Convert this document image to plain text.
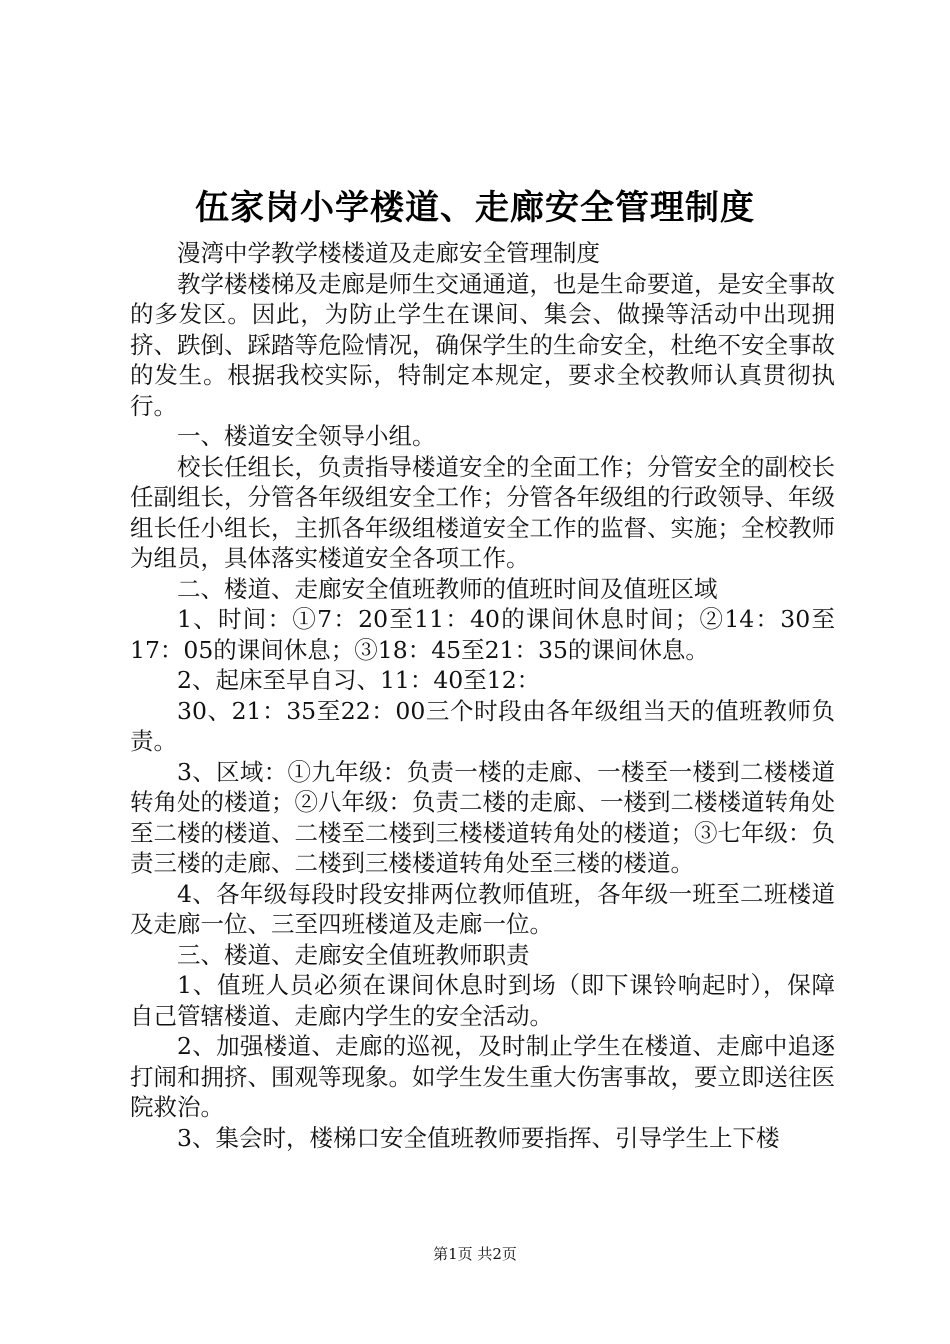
伍家岗小学楼道、走廊安全管理制度

漫湾中学教学楼楼道及走廊安全管理制度

教学楼楼梯及走廊是师生交通通道，也是生命要道，是安全事故的多发区。因此，为防止学生在课间、集会、做操等活动中出现拥挤、跌倒、踩踏等危险情况，确保学生的生命安全，杜绝不安全事故的发生。根据我校实际，特制定本规定，要求全校教师认真贯彻执行。

一、楼道安全领导小组。

校长任组长，负责指导楼道安全的全面工作；分管安全的副校长任副组长，分管各年级组安全工作；分管各年级组的行政领导、年级组长任小组长，主抓各年级组楼道安全工作的监督、实施；全校教师为组员，具体落实楼道安全各项工作。

二、楼道、走廊安全值班教师的值班时间及值班区域

1、时间：①7：20至11：40的课间休息时间；②14：30至17：05的课间休息；③18：45至21：35的课间休息。

2、起床至早自习、11：40至12：

30、21：35至22：00三个时段由各年级组当天的值班教师负责。

3、区域：①九年级：负责一楼的走廊、一楼至一楼到二楼楼道转角处的楼道；②八年级：负责二楼的走廊、一楼到二楼楼道转角处至二楼的楼道、二楼至二楼到三楼楼道转角处的楼道；③七年级：负责三楼的走廊、二楼到三楼楼道转角处至三楼的楼道。

4、各年级每段时段安排两位教师值班，各年级一班至二班楼道及走廊一位、三至四班楼道及走廊一位。

三、楼道、走廊安全值班教师职责

1、值班人员必须在课间休息时到场（即下课铃响起时），保障自己管辖楼道、走廊内学生的安全活动。

2、加强楼道、走廊的巡视，及时制止学生在楼道、走廊中追逐打闹和拥挤、围观等现象。如学生发生重大伤害事故，要立即送往医院救治。

3、集会时，楼梯口安全值班教师要指挥、引导学生上下楼

第1页 共2页
